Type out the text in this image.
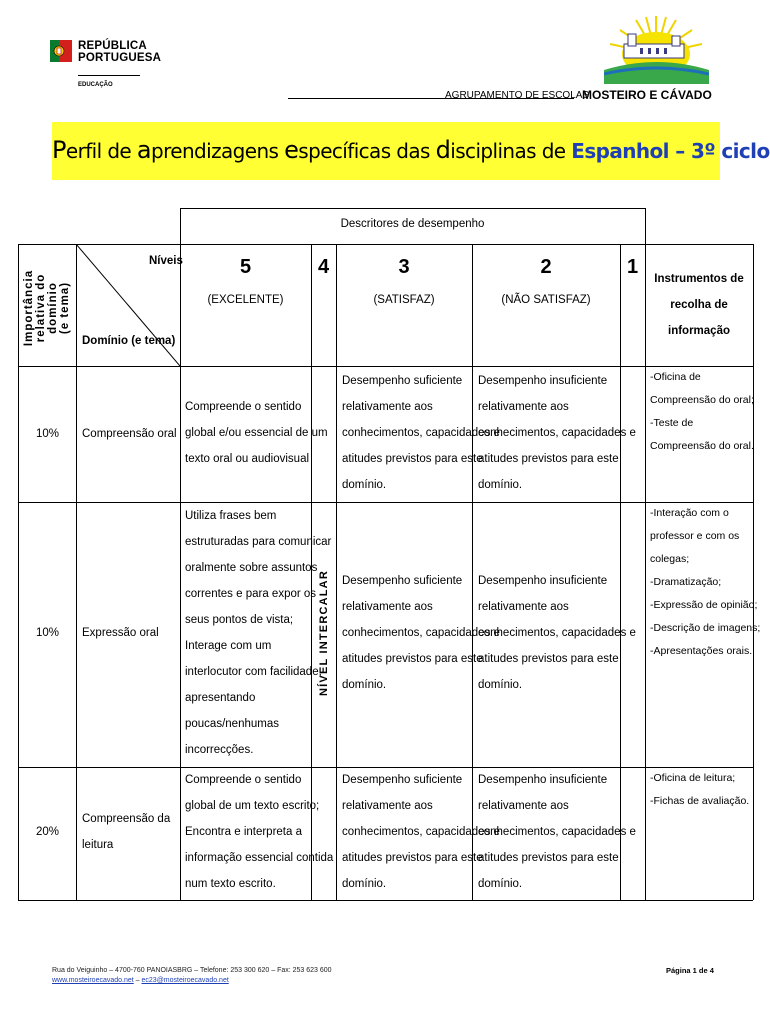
REPÚBLICA
PORTUGUESA
EDUCAÇÃO
AGRUPAMENTO DE ESCOLAS
MOSTEIRO E CÁVADO
Perfil de aprendizagens específicas das disciplinas de Espanhol – 3º ciclo
Descritores de desempenho
Importância
relativa do
domínio
(e tema)
Níveis
Domínio (e tema)
5
(EXCELENTE)
4	3
(SATISFAZ)
2
(NÃO SATISFAZ)
1
Instrumentos de
recolha de
informação
NÍVEL INTERCALAR
10% Compreensão oral
Compreende o sentido
global e/ou essencial de um
texto oral ou audiovisual
Desempenho suficiente
relativamente aos
conhecimentos, capacidades e
atitudes previstos para este
domínio.
Desempenho insuficiente
relativamente aos
conhecimentos, capacidades e
atitudes previstos para este
domínio.
-Oficina de
Compreensão do oral;
-Teste de
Compreensão do oral.
10% Expressão oral
Utiliza frases bem
estruturadas para comunicar
oralmente sobre assuntos
correntes e para expor os
seus pontos de vista;
Interage com um
interlocutor com facilidade,
apresentando
poucas/nenhumas
incorrecções.
Desempenho suficiente
relativamente aos
conhecimentos, capacidades e
atitudes previstos para este
domínio.
Desempenho insuficiente
relativamente aos
conhecimentos, capacidades e
atitudes previstos para este
domínio.
-Interação com o
professor e com os
colegas;
-Dramatização;
-Expressão de opinião;
-Descrição de imagens;
-Apresentações orais.
20%
Compreensão da
leitura
Compreende o sentido
global de um texto escrito;
Encontra e interpreta a
informação essencial contida
num texto escrito.
Desempenho suficiente
relativamente aos
conhecimentos, capacidades e
atitudes previstos para este
domínio.
Desempenho insuficiente
relativamente aos
conhecimentos, capacidades e
atitudes previstos para este
domínio.
-Oficina de leitura;
-Fichas de avaliação.
Rua do Veiguinho – 4700-760 PANOIASBRG – Telefone: 253 300 620 – Fax: 253 623 600
www.mosteiroecavado.net – ec23@mosteiroecavado.net
Página 1 de 4
